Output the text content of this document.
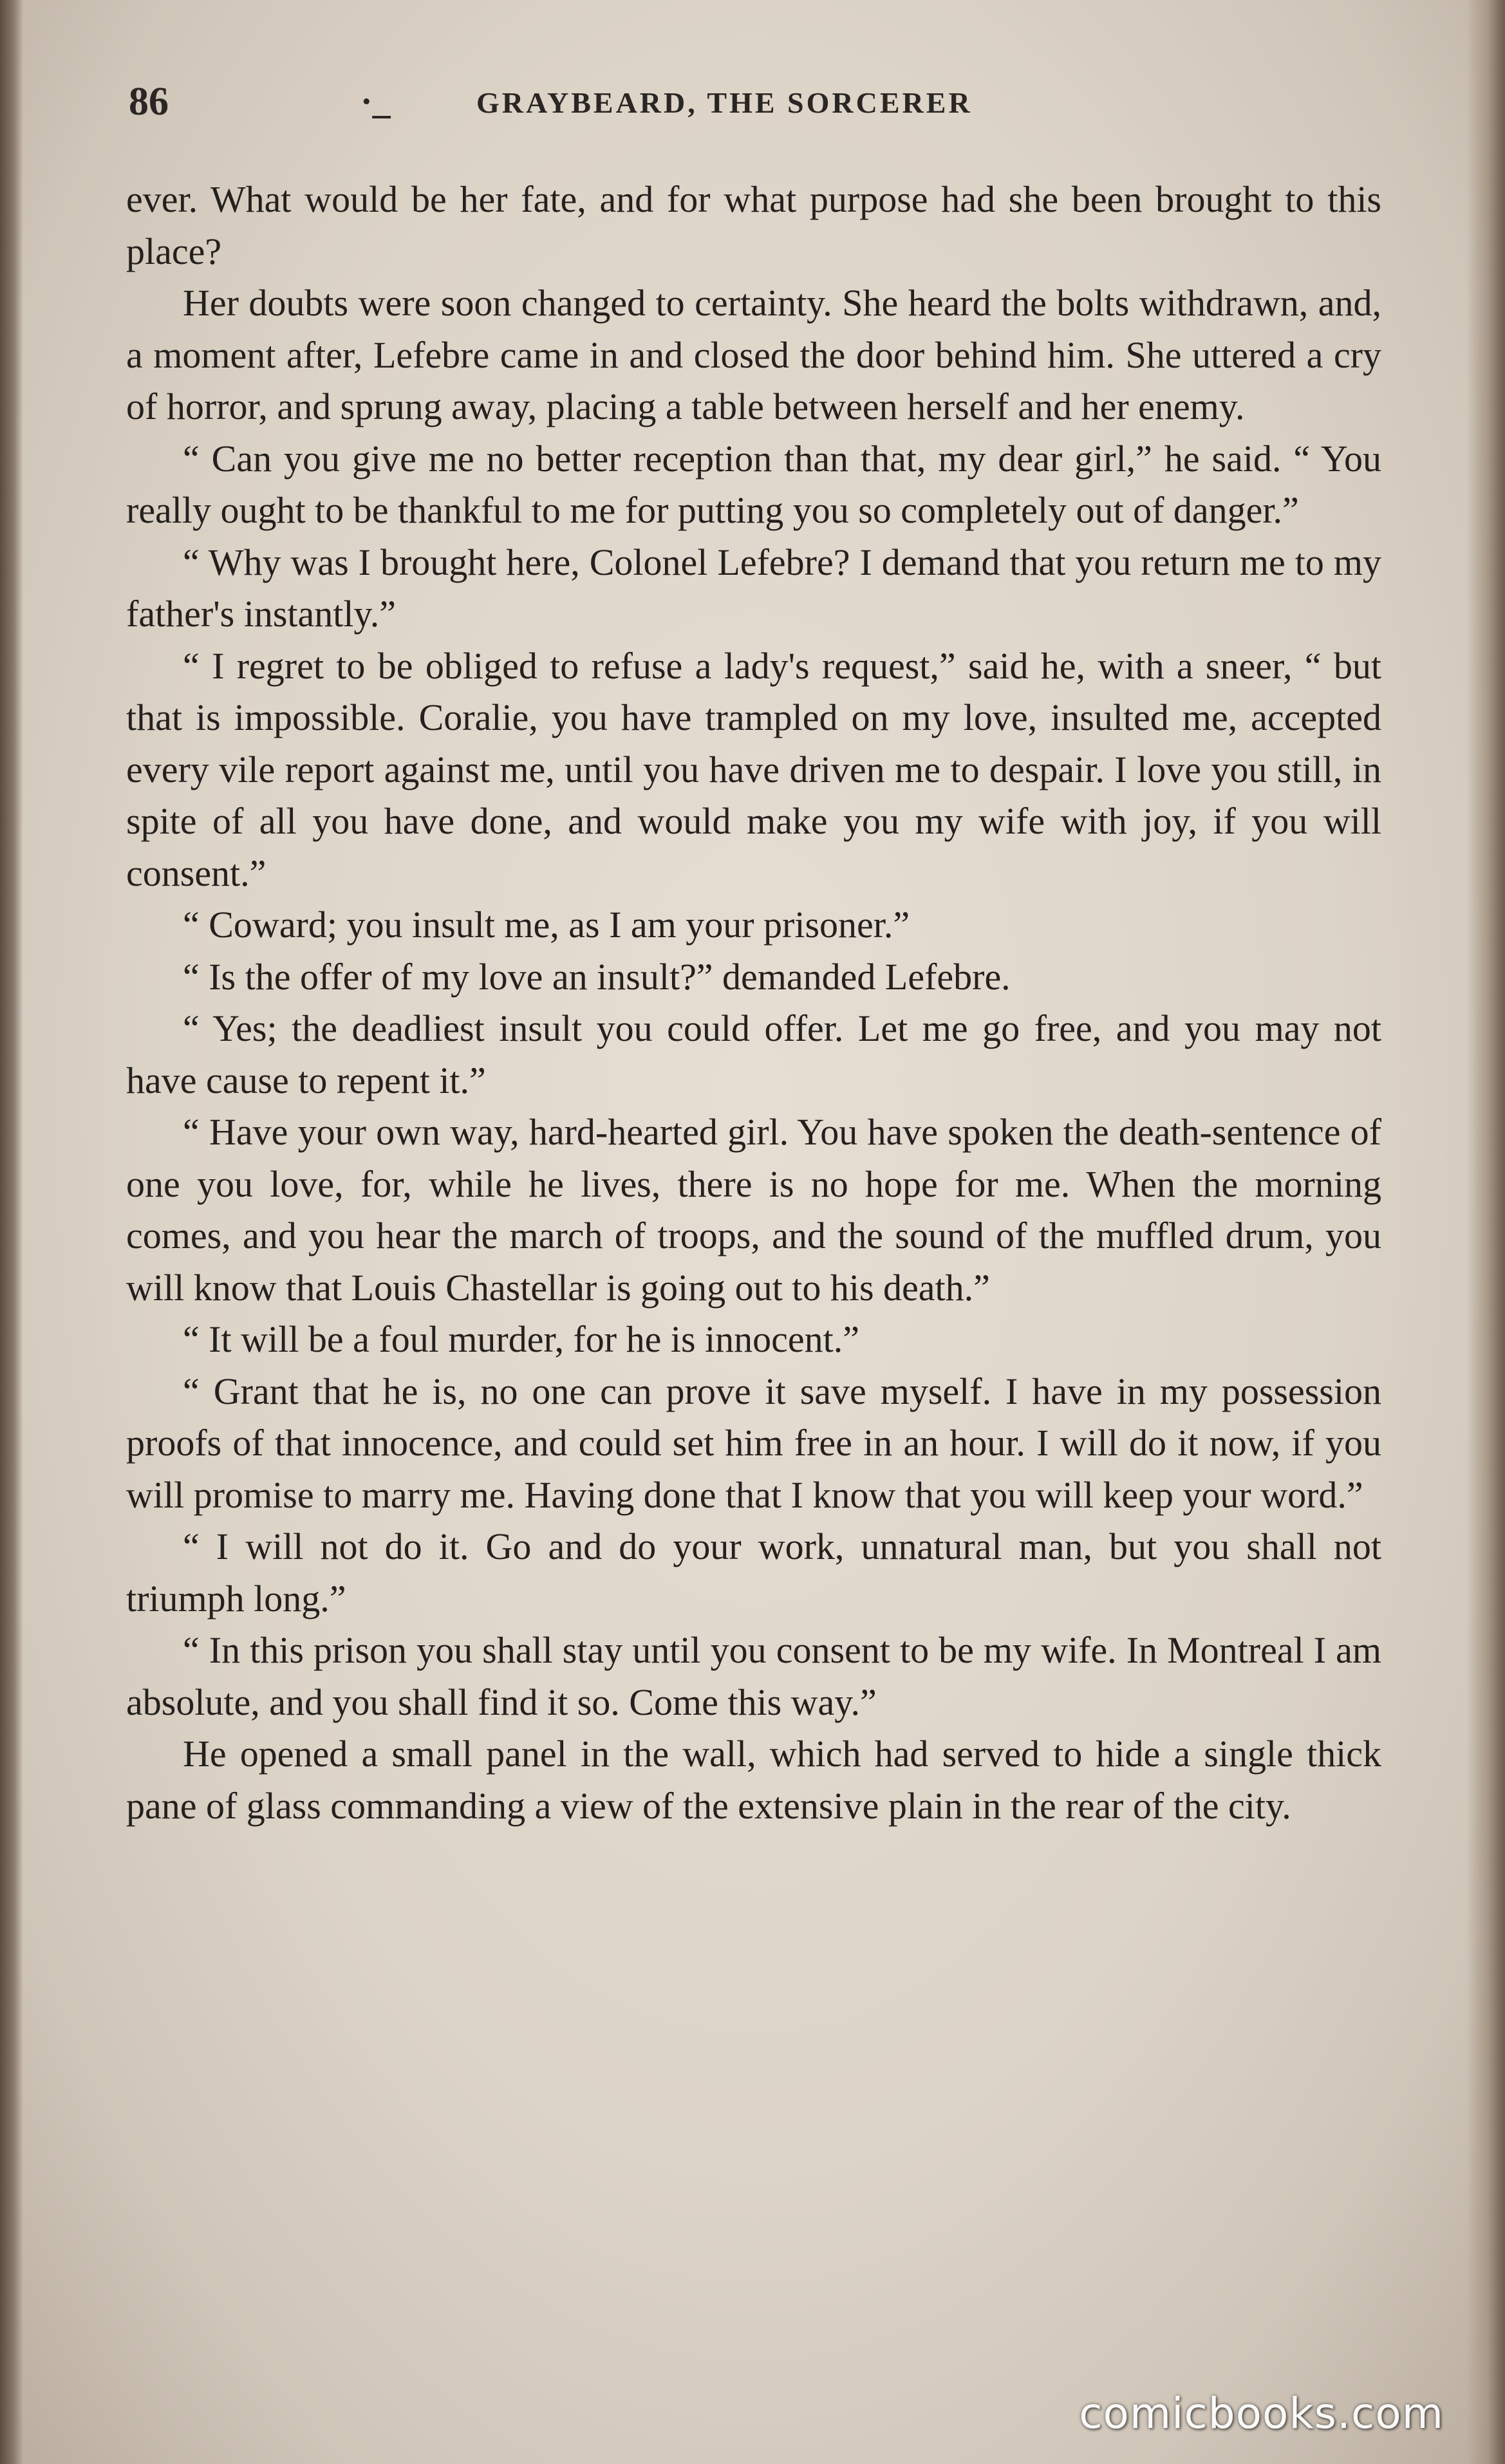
86	·_	GRAYBEARD, THE SORCERER

ever. What would be her fate, and for what purpose had she been brought to this place?

Her doubts were soon changed to certainty. She heard the bolts withdrawn, and, a moment after, Lefebre came in and closed the door behind him. She uttered a cry of horror, and sprung away, placing a table between herself and her enemy.

“ Can you give me no better reception than that, my dear girl,” he said. “ You really ought to be thankful to me for putting you so completely out of danger.”

“ Why was I brought here, Colonel Lefebre? I demand that you return me to my father's instantly.”

“ I regret to be obliged to refuse a lady's request,” said he, with a sneer, “ but that is impossible. Coralie, you have trampled on my love, insulted me, accepted every vile report against me, until you have driven me to despair. I love you still, in spite of all you have done, and would make you my wife with joy, if you will consent.”

“ Coward; you insult me, as I am your prisoner.”

“ Is the offer of my love an insult?” demanded Lefebre.

“ Yes; the deadliest insult you could offer. Let me go free, and you may not have cause to repent it.”

“ Have your own way, hard-hearted girl. You have spoken the death-sentence of one you love, for, while he lives, there is no hope for me. When the morning comes, and you hear the march of troops, and the sound of the muffled drum, you will know that Louis Chastellar is going out to his death.”

“ It will be a foul murder, for he is innocent.”

“ Grant that he is, no one can prove it save myself. I have in my possession proofs of that innocence, and could set him free in an hour. I will do it now, if you will promise to marry me. Having done that I know that you will keep your word.”

“ I will not do it. Go and do your work, unnatural man, but you shall not triumph long.”

“ In this prison you shall stay until you consent to be my wife. In Montreal I am absolute, and you shall find it so. Come this way.”

He opened a small panel in the wall, which had served to hide a single thick pane of glass commanding a view of the extensive plain in the rear of the city.

comicbooks.com
